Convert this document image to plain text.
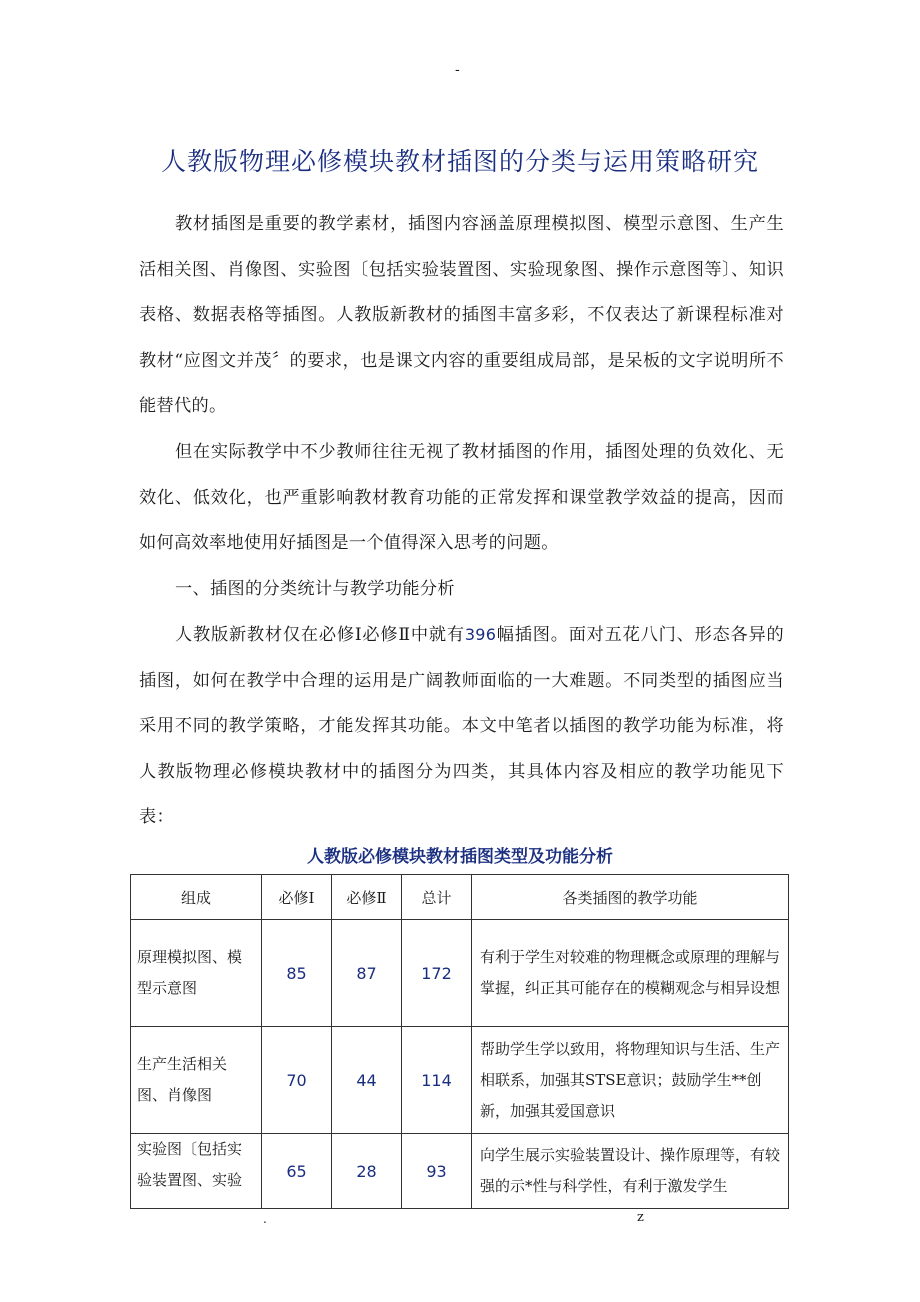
-
人教版物理必修模块教材插图的分类与运用策略研究

教材插图是重要的教学素材，插图内容涵盖原理模拟图、模型示意图、生产生活相关图、肖像图、实验图〔包括实验装置图、实验现象图、操作示意图等〕、知识表格、数据表格等插图。人教版新教材的插图丰富多彩，不仅表达了新课程标准对教材“应图文并茂〞的要求，也是课文内容的重要组成局部，是呆板的文字说明所不能替代的。

但在实际教学中不少教师往往无视了教材插图的作用，插图处理的负效化、无效化、低效化，也严重影响教材教育功能的正常发挥和课堂教学效益的提高，因而如何高效率地使用好插图是一个值得深入思考的问题。

一、插图的分类统计与教学功能分析

人教版新教材仅在必修Ⅰ必修Ⅱ中就有396幅插图。面对五花八门、形态各异的插图，如何在教学中合理的运用是广阔教师面临的一大难题。不同类型的插图应当采用不同的教学策略，才能发挥其功能。本文中笔者以插图的教学功能为标准，将人教版物理必修模块教材中的插图分为四类，其具体内容及相应的教学功能见下表：

人教版必修模块教材插图类型及功能分析
组成	必修Ⅰ	必修Ⅱ	总计	各类插图的教学功能
原理模拟图、模型示意图	85	87	172	有利于学生对较难的物理概念或原理的理解与掌握，纠正其可能存在的模糊观念与相异设想
生产生活相关图、肖像图	70	44	114	帮助学生学以致用，将物理知识与生活、生产相联系，加强其STSE意识；鼓励学生**创新，加强其爱国意识
实验图〔包括实验装置图、实验	65	28	93	向学生展示实验装置设计、操作原理等，有较强的示*性与科学性，有利于激发学生
.	z
